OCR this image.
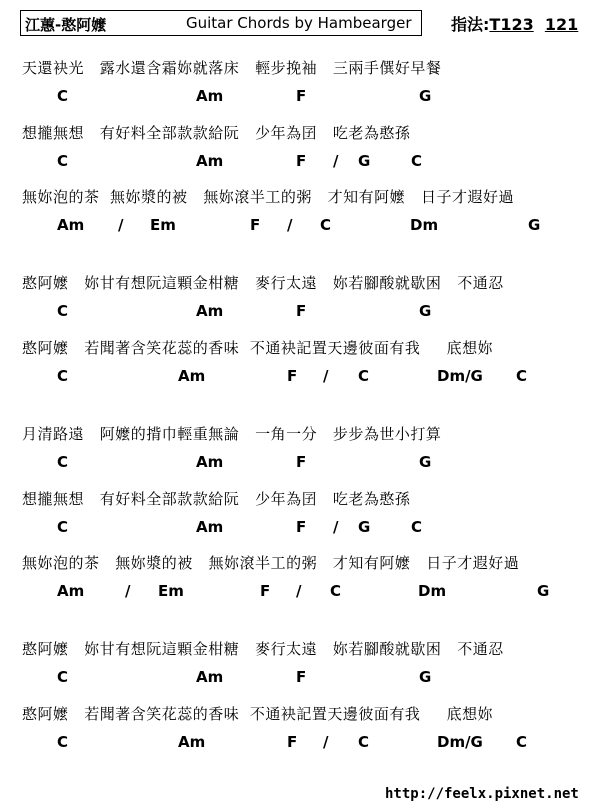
江蕙-憨阿嬤	Guitar Chords by Hambearger 指法:T123 121
天還袂光   露水還含霜妳就落床   輕步挽袖   三兩手僎好早餐
C	Am	F	G
想攏無想   有好料全部款款給阮   少年為囝   吃老為憨孫
C	Am	F / G	C
無妳泡的茶  無妳漿的被   無妳滾半工的粥   才知有阿嬤   日子才遐好過
Am / Em	F / C	Dm	G
憨阿嬤   妳甘有想阮這顆金柑糖   麥行太遠   妳若腳酸就歇困   不通忍
C	Am	F	G
憨阿嬤   若聞著含笑花蕊的香味  不通袂記置天邊彼面有我     底想妳
C	Am	F / C	Dm/G C
月清路遠   阿嬤的揹巾輕重無論   一角一分   步步為世小打算
C	Am	F	G
想攏無想   有好料全部款款給阮   少年為囝   吃老為憨孫
C	Am	F / G	C
無妳泡的茶   無妳漿的被   無妳滾半工的粥   才知有阿嬤   日子才遐好過
Am	/ Em	F / C	Dm	G
憨阿嬤   妳甘有想阮這顆金柑糖   麥行太遠   妳若腳酸就歇困   不通忍
C	Am	F	G
憨阿嬤   若聞著含笑花蕊的香味  不通袂記置天邊彼面有我     底想妳
C	Am	F / C	Dm/G C
http://feelx.pixnet.net
